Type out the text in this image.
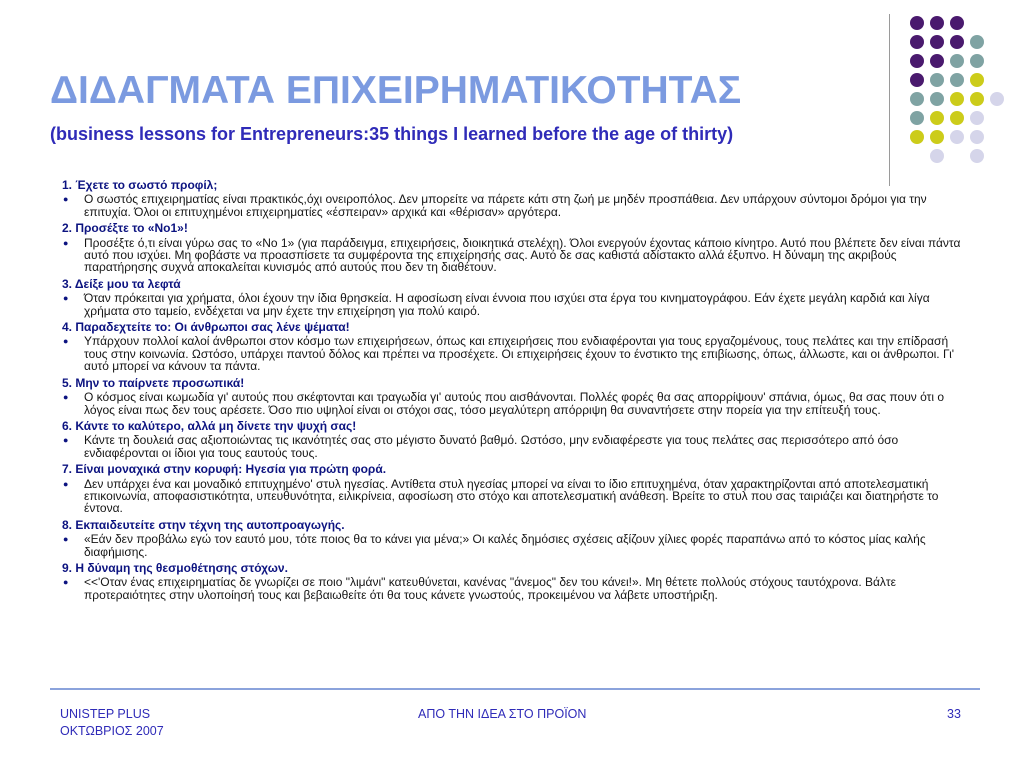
ΔΙΔΑΓΜΑΤΑ ΕΠΙΧΕΙΡΗΜΑΤΙΚΟΤΗΤΑΣ
(business lessons for Entrepreneurs:35 things I learned before the age of thirty)
1. Έχετε το σωστό προφίλ;
● Ο σωστός επιχειρηματίας είναι πρακτικός,όχι ονειροπόλος. Δεν μπορείτε να πάρετε κάτι στη ζωή με μηδέν προσπάθεια. Δεν υπάρχουν σύντομοι δρόμοι για την επιτυχία. Όλοι οι επιτυχημένοι επιχειρηματίες «έσπειραν» αρχικά και «θέρισαν» αργότερα.
2. Προσέξτε το «Νο1»!
● Προσέξτε ό,τι είναι γύρω σας το «Νο 1» (για παράδειγμα, επιχειρήσεις, διοικητικά στελέχη). Όλοι ενεργούν έχοντας κάποιο κίνητρο. Αυτό που βλέπετε δεν είναι πάντα αυτό που ισχύει. Μη φοβάστε να προασπίσετε τα συμφέροντα της επιχείρησής σας. Αυτό δε σας καθιστά αδίστακτο αλλά έξυπνο. Η δύναμη της ακριβούς παρατήρησης συχνά αποκαλείται κυνισμός από αυτούς που δεν τη διαθέτουν.
3. Δείξε μου τα λεφτά
● Όταν πρόκειται για χρήματα, όλοι έχουν την ίδια θρησκεία. Η αφοσίωση είναι έννοια που ισχύει στα έργα του κινηματογράφου. Εάν έχετε μεγάλη καρδιά και λίγα χρήματα στο ταμείο, ενδέχεται να μην έχετε την επιχείρηση για πολύ καιρό.
4. Παραδεχτείτε το: Οι άνθρωποι σας λένε ψέματα!
● Υπάρχουν πολλοί καλοί άνθρωποι στον κόσμο των επιχειρήσεων, όπως και επιχειρήσεις που ενδιαφέρονται για τους εργαζομένους, τους πελάτες και την επίδρασή τους στην κοινωνία. Ωστόσο, υπάρχει παντού δόλος και πρέπει να προσέχετε. Οι επιχειρήσεις έχουν το ένστικτο της επιβίωσης, όπως, άλλωστε, και οι άνθρωποι. Γι' αυτό μπορεί να κάνουν τα πάντα.
5. Μην το παίρνετε προσωπικά!
● Ο κόσμος είναι κωμωδία γι' αυτούς που σκέφτονται και τραγωδία γι' αυτούς που αισθάνονται. Πολλές φορές θα σας απορρίψουν' σπάνια, όμως, θα σας πουν ότι ο λόγος είναι πως δεν τους αρέσετε. Όσο πιο υψηλοί είναι οι στόχοι σας, τόσο μεγαλύτερη απόρριψη θα συναντήσετε στην πορεία για την επίτευξή τους.
6. Κάντε το καλύτερο, αλλά μη δίνετε την ψυχή σας!
● Κάντε τη δουλειά σας αξιοποιώντας τις ικανότητές σας στο μέγιστο δυνατό βαθμό. Ωστόσο, μην ενδιαφέρεστε για τους πελάτες σας περισσότερο από όσο ενδιαφέρονται οι ίδιοι για τους εαυτούς τους.
7. Είναι μοναχικά στην κορυφή: Ηγεσία για πρώτη φορά.
● Δεν υπάρχει ένα και μοναδικό επιτυχημένο' στυλ ηγεσίας. Αντίθετα στυλ ηγεσίας μπορεί να είναι το ίδιο επιτυχημένα, όταν χαρακτηρίζονται από αποτελεσματική επικοινωνία, αποφασιστικότητα, υπευθυνότητα, ειλικρίνεια, αφοσίωση στο στόχο και αποτελεσματική ανάθεση. Βρείτε το στυλ που σας ταιριάζει και διατηρήστε το έντονα.
8. Εκπαιδευτείτε στην τέχνη της αυτοπροαγωγής.
● «Εάν δεν προβάλω εγώ τον εαυτό μου, τότε ποιος θα το κάνει για μένα;» Οι καλές δημόσιες σχέσεις αξίζουν χίλιες φορές παραπάνω από το κόστος μίας καλής διαφήμισης.
9. Η δύναμη της θεσμοθέτησης στόχων.
● <<'Οταν ένας επιχειρηματίας δε γνωρίζει σε ποιο "λιμάνι" κατευθύνεται, κανένας "άνεμος" δεν του κάνει!». Μη θέτετε πολλούς στόχους ταυτόχρονα. Βάλτε προτεραιότητες στην υλοποίησή τους και βεβαιωθείτε ότι θα τους κάνετε γνωστούς, προκειμένου να λάβετε υποστήριξη.
UNISTEP PLUS
ΟΚΤΩΒΡΙΟΣ 2007
ΑΠΟ ΤΗΝ ΙΔΕΑ ΣΤΟ ΠΡΟΪΟΝ	33
